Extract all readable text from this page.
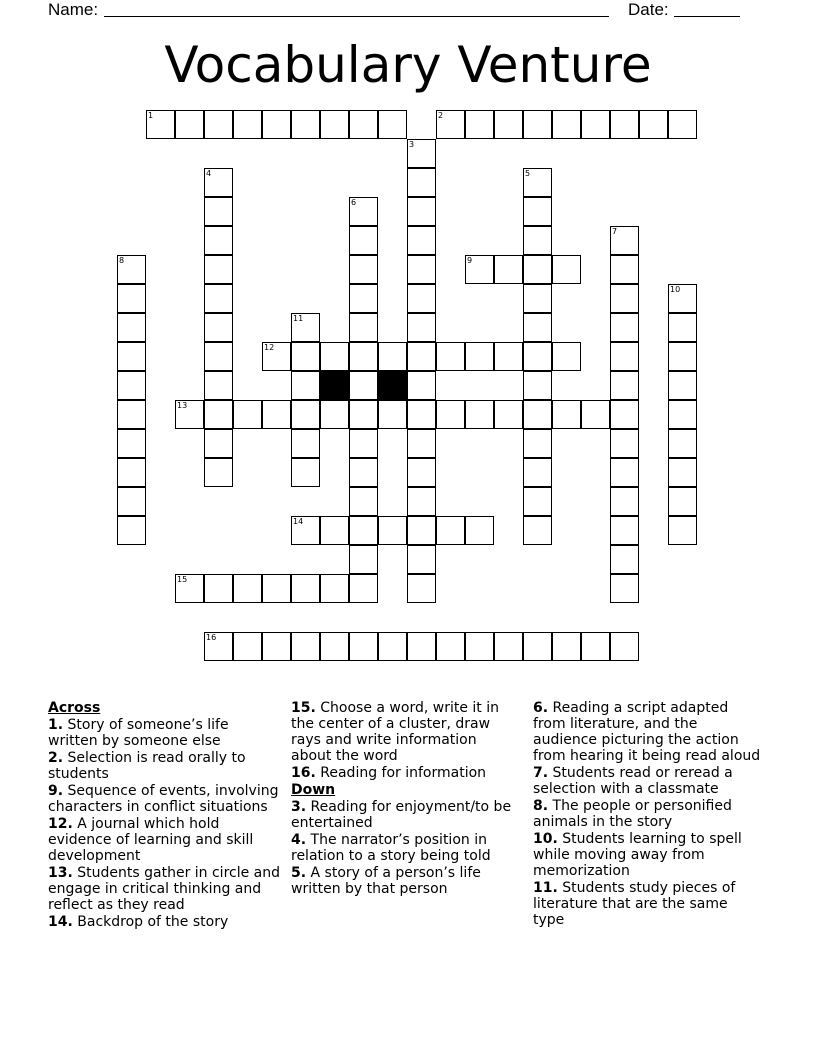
Name:	Date:
Vocabulary Venture
1	2
3
4	5
6
7
8	9
10
11
12
13
14
15
16
Across
1. Story of someone’s life written by someone else
2. Selection is read orally to students
9. Sequence of events, involving characters in conflict situations
12. A journal which hold evidence of learning and skill development
13. Students gather in circle and engage in critical thinking and reflect as they read
14. Backdrop of the story
15. Choose a word, write it in the center of a cluster, draw rays and write information about the word
16. Reading for information
Down
3. Reading for enjoyment/to be entertained
4. The narrator’s position in relation to a story being told
5. A story of a person’s life written by that person
6. Reading a script adapted from literature, and the audience picturing the action from hearing it being read aloud
7. Students read or reread a selection with a classmate
8. The people or personified animals in the story
10. Students learning to spell while moving away from memorization
11. Students study pieces of literature that are the same type
